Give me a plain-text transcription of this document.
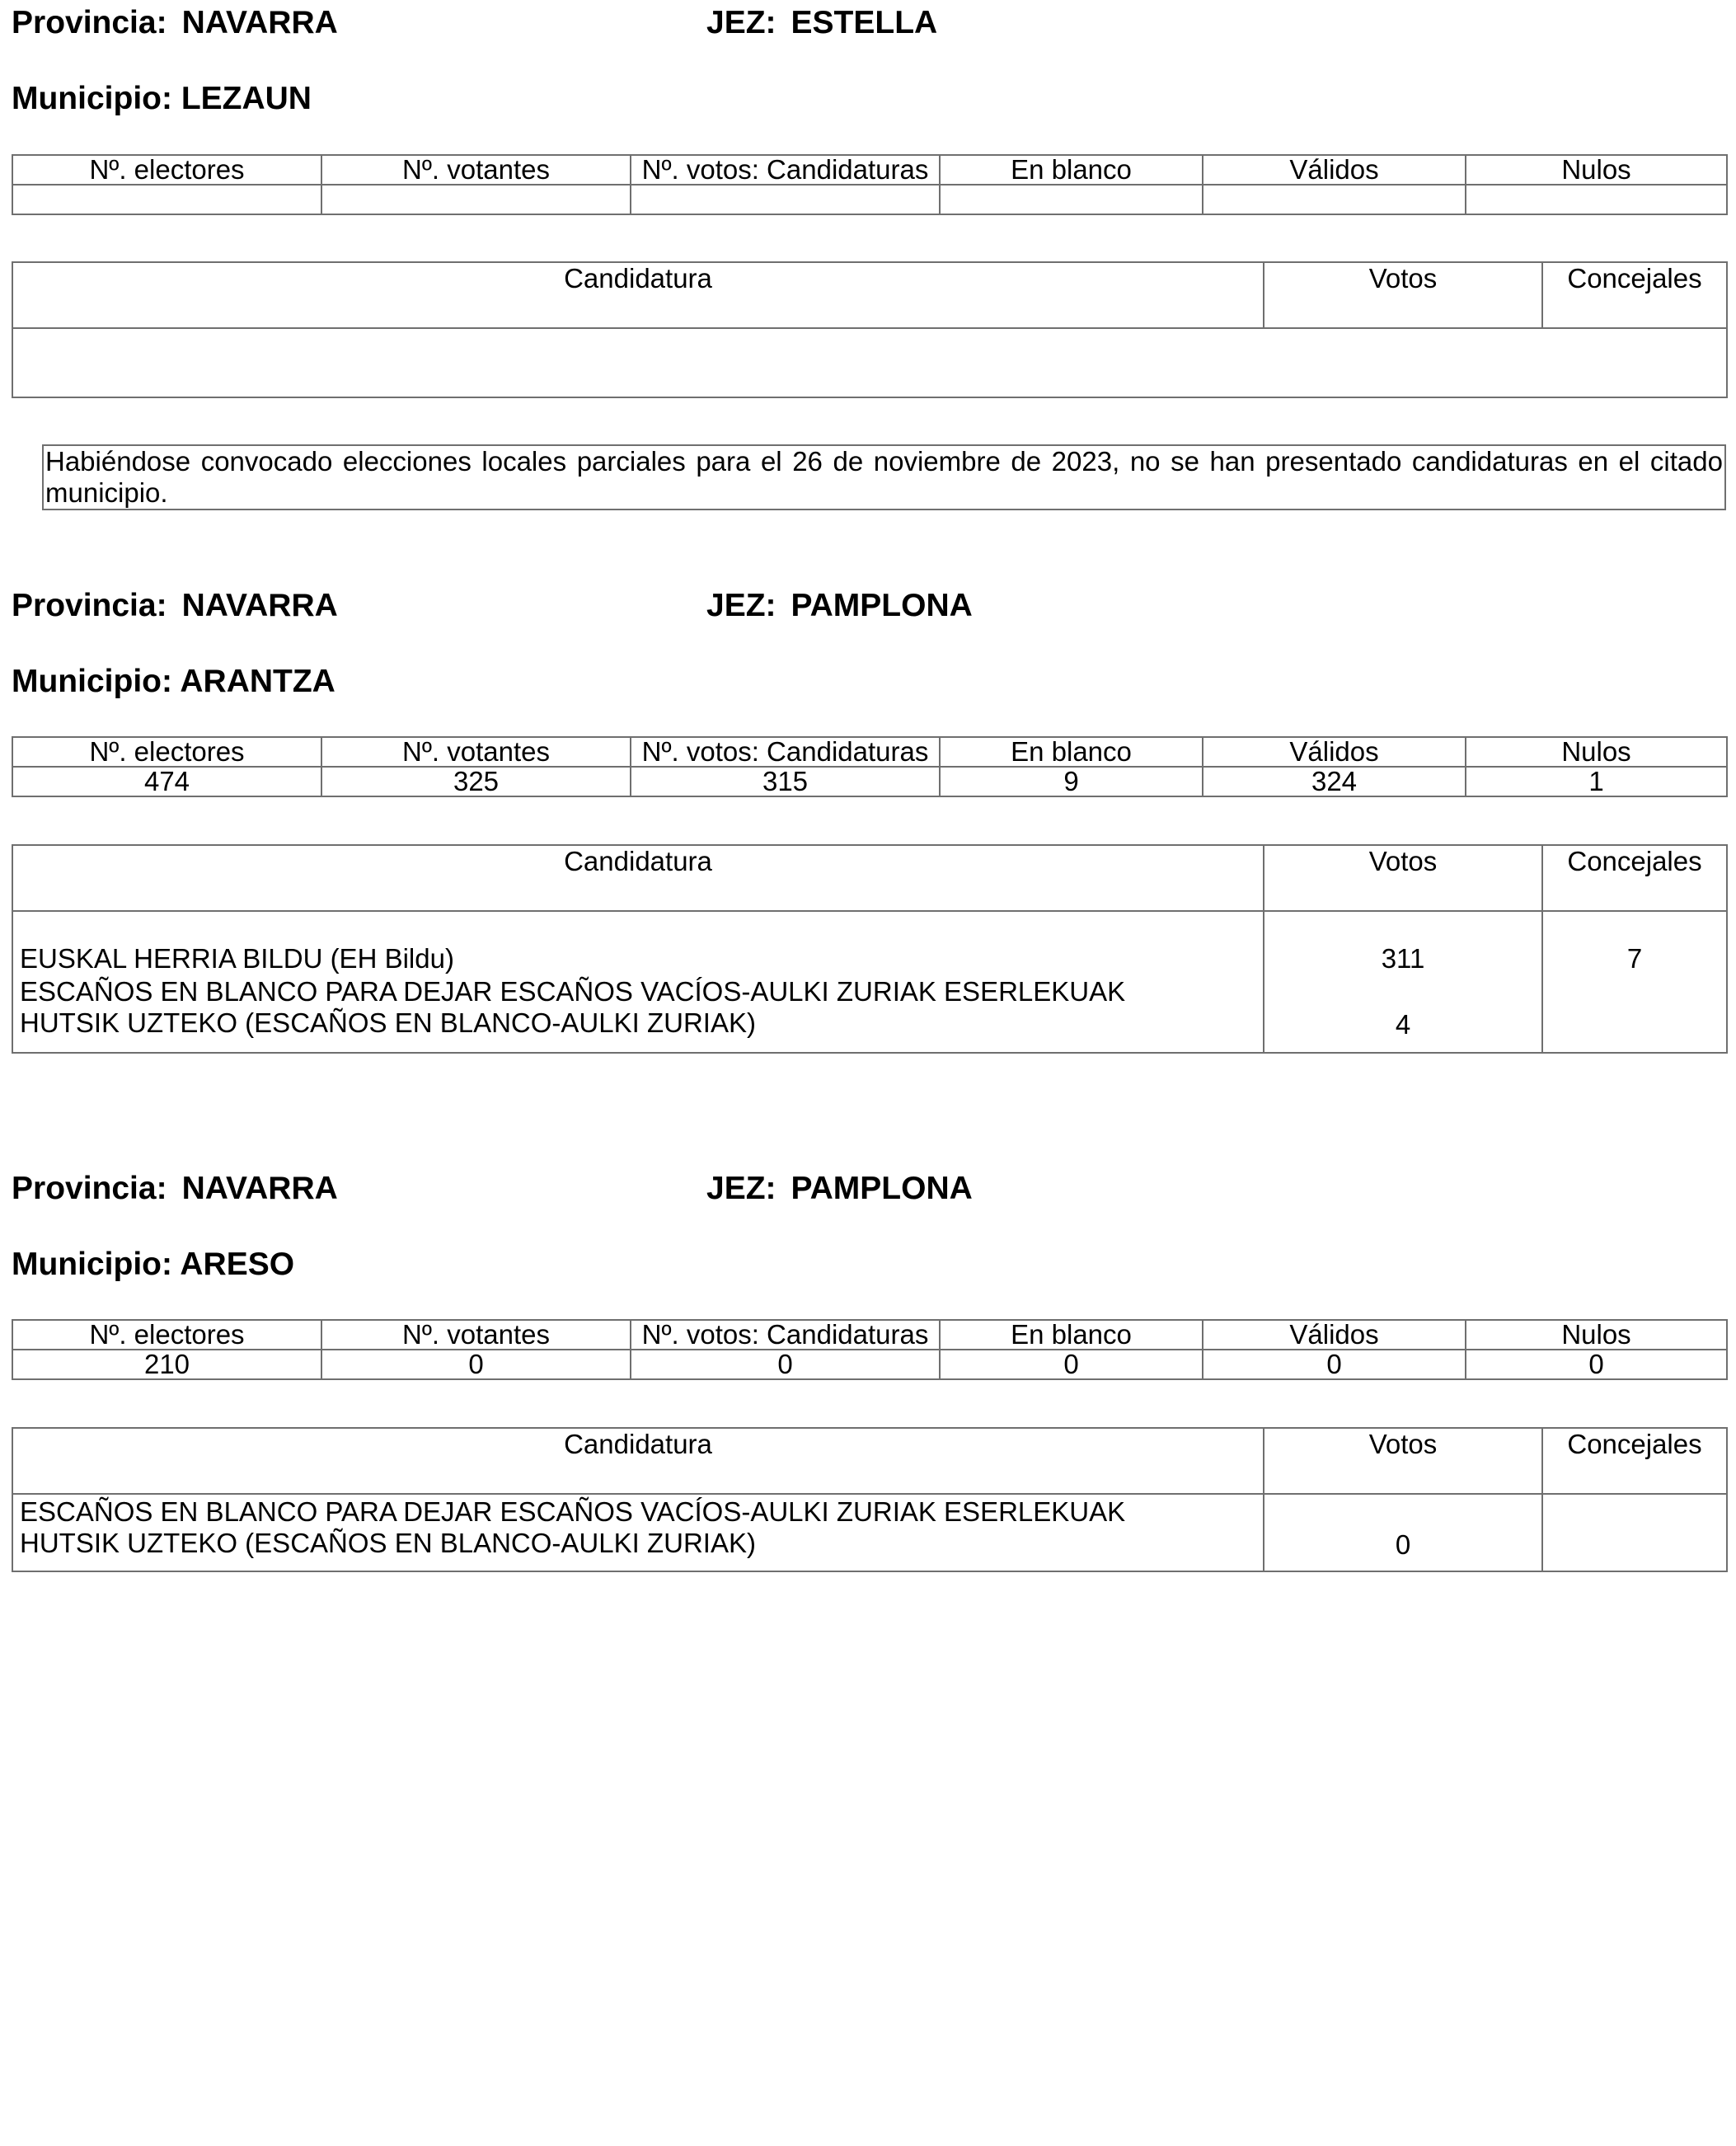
Provincia: NAVARRA	JEZ: ESTELLA
Municipio: LEZAUN
Nº. electores	Nº. votantes	Nº. votos: Candidaturas	En blanco	Válidos	Nulos

Candidatura	Votos	Concejales

Habiéndose convocado elecciones locales parciales para el 26 de noviembre de 2023, no se han presentado candidaturas en el citado municipio.
Provincia: NAVARRA	JEZ: PAMPLONA
Municipio: ARANTZA
Nº. electores	Nº. votantes	Nº. votos: Candidaturas	En blanco	Válidos	Nulos
474	325	315	9	324	1
Candidatura	Votos	Concejales
EUSKAL HERRIA BILDU (EH Bildu)	311	7

ESCAÑOS EN BLANCO PARA DEJAR ESCAÑOS VACÍOS-AULKI ZURIAK ESERLEKUAK
HUTSIK UZTEKO (ESCAÑOS EN BLANCO-AULKI ZURIAK)	4	
Provincia: NAVARRA	JEZ: PAMPLONA
Municipio: ARESO
Nº. electores	Nº. votantes	Nº. votos: Candidaturas	En blanco	Válidos	Nulos
210	0	0	0	0	0
Candidatura	Votos	Concejales

ESCAÑOS EN BLANCO PARA DEJAR ESCAÑOS VACÍOS-AULKI ZURIAK ESERLEKUAK
HUTSIK UZTEKO (ESCAÑOS EN BLANCO-AULKI ZURIAK)	0	
